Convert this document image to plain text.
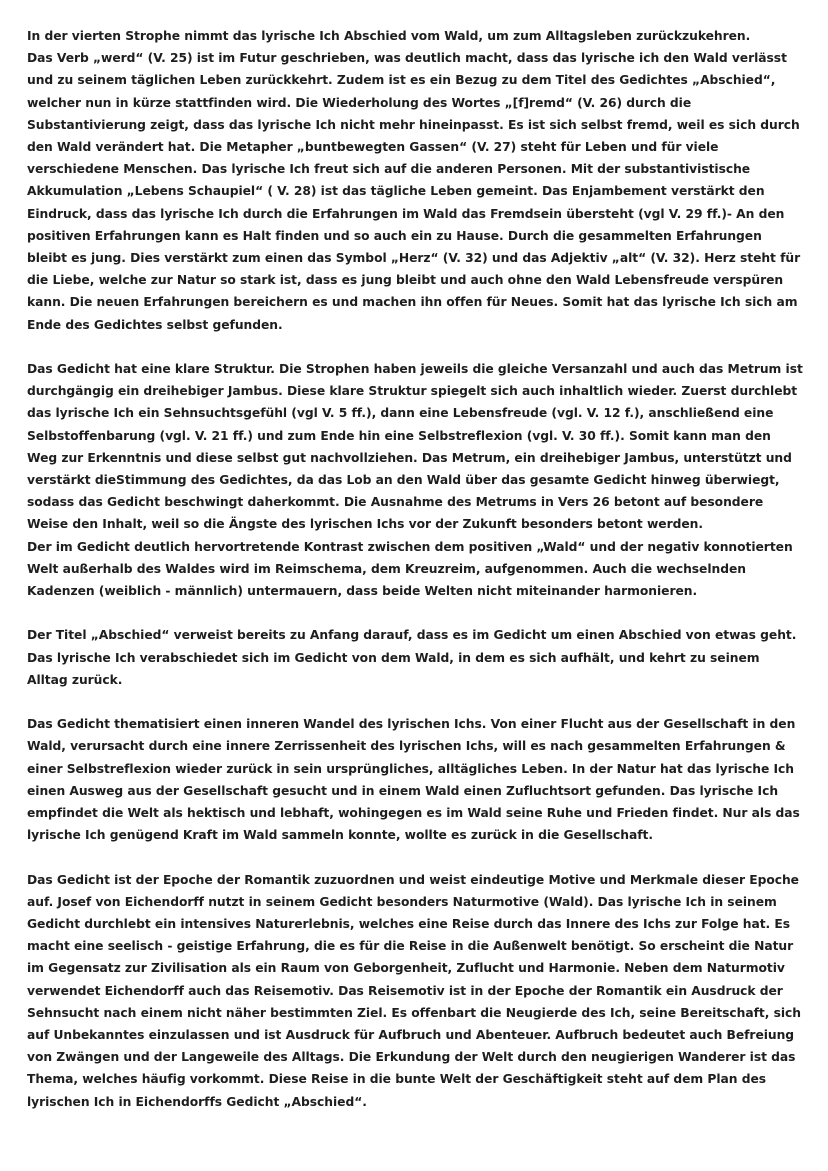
In der vierten Strophe nimmt das lyrische Ich Abschied vom Wald, um zum Alltagsleben zurückzukehren.
Das Verb „werd“ (V. 25) ist im Futur geschrieben, was deutlich macht, dass das lyrische ich den Wald verlässt und zu seinem täglichen Leben zurückkehrt. Zudem ist es ein Bezug zu dem Titel des Gedichtes „Abschied“, welcher nun in kürze stattfinden wird. Die Wiederholung des Wortes „[f]remd“ (V. 26) durch die Substantivierung zeigt, dass das lyrische Ich nicht mehr hineinpasst. Es ist sich selbst fremd, weil es sich durch den Wald verändert hat. Die Metapher „buntbewegten Gassen“ (V. 27) steht für Leben und für viele verschiedene Menschen. Das lyrische Ich freut sich auf die anderen Personen. Mit der substantivistische Akkumulation „Lebens Schaupiel“ ( V. 28) ist das tägliche Leben gemeint. Das Enjambement verstärkt den Eindruck, dass das lyrische Ich durch die Erfahrungen im Wald das Fremdsein übersteht (vgl V. 29 ff.)- An den positiven Erfahrungen kann es Halt finden und so auch ein zu Hause. Durch die gesammelten Erfahrungen bleibt es jung. Dies verstärkt zum einen das Symbol „Herz“ (V. 32) und das Adjektiv „alt“ (V. 32). Herz steht für die Liebe, welche zur Natur so stark ist, dass es jung bleibt und auch ohne den Wald Lebensfreude verspüren kann. Die neuen Erfahrungen bereichern es und machen ihn offen für Neues. Somit hat das lyrische Ich sich am Ende des Gedichtes selbst gefunden.
Das Gedicht hat eine klare Struktur. Die Strophen haben jeweils die gleiche Versanzahl und auch das Metrum ist durchgängig ein dreihebiger Jambus. Diese klare Struktur spiegelt sich auch inhaltlich wieder. Zuerst durchlebt das lyrische Ich ein Sehnsuchtsgefühl (vgl V. 5 ff.), dann eine Lebensfreude (vgl. V. 12 f.), anschließend eine Selbstoffenbarung (vgl. V. 21 ff.) und zum Ende hin eine Selbstreflexion (vgl. V. 30 ff.). Somit kann man den Weg zur Erkenntnis und diese selbst gut nachvollziehen. Das Metrum, ein dreihebiger Jambus, unterstützt und verstärkt dieStimmung des Gedichtes, da das Lob an den Wald über das gesamte Gedicht hinweg überwiegt, sodass das Gedicht beschwingt daherkommt. Die Ausnahme des Metrums in Vers 26 betont auf besondere Weise den Inhalt, weil so die Ängste des lyrischen Ichs vor der Zukunft besonders betont werden.
Der im Gedicht deutlich hervortretende Kontrast zwischen dem positiven „Wald“ und der negativ konnotierten Welt außerhalb des Waldes wird im Reimschema, dem Kreuzreim, aufgenommen. Auch die wechselnden Kadenzen (weiblich - männlich) untermauern, dass beide Welten nicht miteinander harmonieren.
Der Titel „Abschied“ verweist bereits zu Anfang darauf, dass es im Gedicht um einen Abschied von etwas geht. Das lyrische Ich verabschiedet sich im Gedicht von dem Wald, in dem es sich aufhält, und kehrt zu seinem Alltag zurück.
Das Gedicht thematisiert einen inneren Wandel des lyrischen Ichs. Von einer Flucht aus der Gesellschaft in den Wald, verursacht durch eine innere Zerrissenheit des lyrischen Ichs, will es nach gesammelten Erfahrungen & einer Selbstreflexion wieder zurück in sein ursprüngliches, alltägliches Leben. In der Natur hat das lyrische Ich einen Ausweg aus der Gesellschaft gesucht und in einem Wald einen Zufluchtsort gefunden. Das lyrische Ich empfindet die Welt als hektisch und lebhaft, wohingegen es im Wald seine Ruhe und Frieden findet. Nur als das lyrische Ich genügend Kraft im Wald sammeln konnte, wollte es zurück in die Gesellschaft.
Das Gedicht ist der Epoche der Romantik zuzuordnen und weist eindeutige Motive und Merkmale dieser Epoche auf. Josef von Eichendorff nutzt in seinem Gedicht besonders Naturmotive (Wald). Das lyrische Ich in seinem Gedicht durchlebt ein intensives Naturerlebnis, welches eine Reise durch das Innere des Ichs zur Folge hat. Es macht eine seelisch - geistige Erfahrung, die es für die Reise in die Außenwelt benötigt. So erscheint die Natur im Gegensatz zur Zivilisation als ein Raum von Geborgenheit, Zuflucht und Harmonie. Neben dem Naturmotiv verwendet Eichendorff auch das Reisemotiv. Das Reisemotiv ist in der Epoche der Romantik ein Ausdruck der Sehnsucht nach einem nicht näher bestimmten Ziel. Es offenbart die Neugierde des Ich, seine Bereitschaft, sich auf Unbekanntes einzulassen und ist Ausdruck für Aufbruch und Abenteuer. Aufbruch bedeutet auch Befreiung von Zwängen und der Langeweile des Alltags. Die Erkundung der Welt durch den neugierigen Wanderer ist das Thema, welches häufig vorkommt. Diese Reise in die bunte Welt der Geschäftigkeit steht auf dem Plan des lyrischen Ich in Eichendorffs Gedicht „Abschied“.
